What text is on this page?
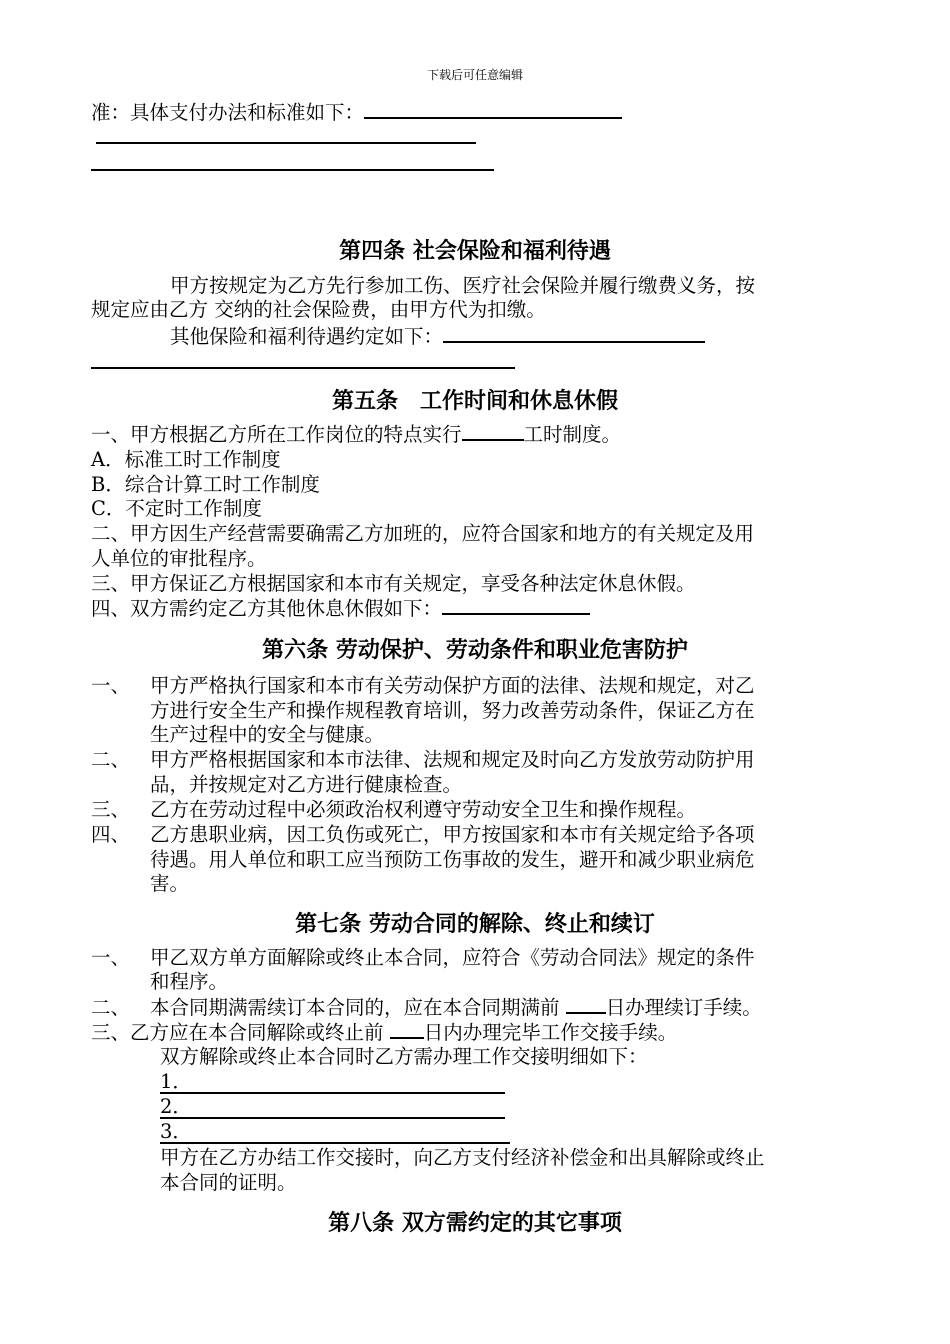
下载后可任意编辑
准：具体支付办法和标准如下：
第四条 社会保险和福利待遇
甲方按规定为乙方先行参加工伤、医疗社会保险并履行缴费义务，按
规定应由乙方 交纳的社会保险费，由甲方代为扣缴。
其他保险和福利待遇约定如下：
第五条　工作时间和休息休假
一、甲方根据乙方所在工作岗位的特点实行	工时制度。
A．标准工时工作制度
B．综合计算工时工作制度
C．不定时工作制度
二、甲方因生产经营需要确需乙方加班的，应符合国家和地方的有关规定及用
人单位的审批程序。
三、甲方保证乙方根据国家和本市有关规定，享受各种法定休息休假。
四、双方需约定乙方其他休息休假如下：
第六条 劳动保护、劳动条件和职业危害防护
一、 甲方严格执行国家和本市有关劳动保护方面的法律、法规和规定，对乙
方进行安全生产和操作规程教育培训，努力改善劳动条件，保证乙方在
生产过程中的安全与健康。
二、 甲方严格根据国家和本市法律、法规和规定及时向乙方发放劳动防护用
品，并按规定对乙方进行健康检查。
三、 乙方在劳动过程中必须政治权利遵守劳动安全卫生和操作规程。
四、 乙方患职业病，因工负伤或死亡，甲方按国家和本市有关规定给予各项
待遇。用人单位和职工应当预防工伤事故的发生，避开和减少职业病危
害。
第七条 劳动合同的解除、终止和续订
一、 甲乙双方单方面解除或终止本合同，应符合《劳动合同法》规定的条件
和程序。
二、 本合同期满需续订本合同的，应在本合同期满前 日办理续订手续。
三、乙方应在本合同解除或终止前 日内办理完毕工作交接手续。
双方解除或终止本合同时乙方需办理工作交接明细如下：
1．
2．
3．
甲方在乙方办结工作交接时，向乙方支付经济补偿金和出具解除或终止
本合同的证明。
第八条 双方需约定的其它事项
